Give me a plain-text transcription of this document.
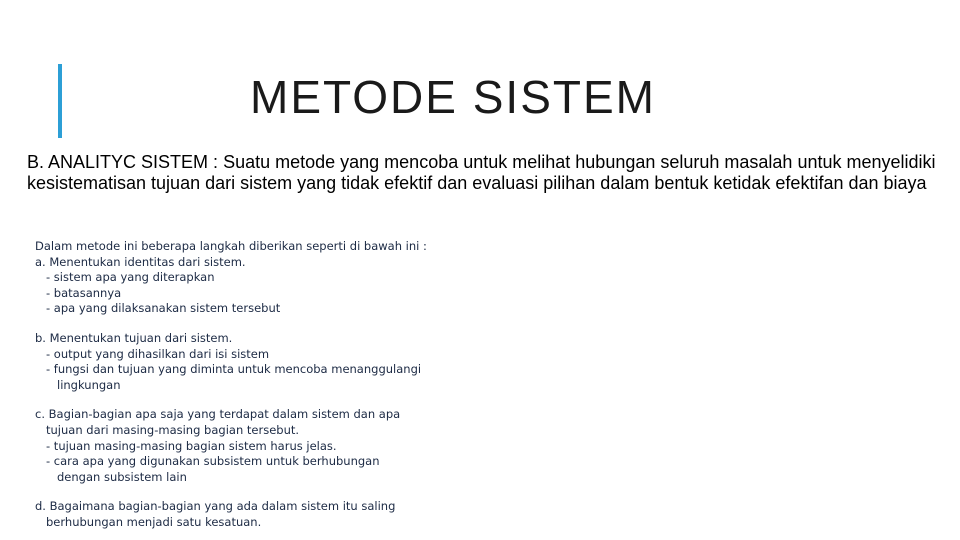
METODE SISTEM
B. ANALITYC SISTEM : Suatu metode yang mencoba untuk melihat hubungan seluruh masalah untuk menyelidiki kesistematisan tujuan dari sistem yang tidak efektif dan evaluasi pilihan dalam bentuk ketidak efektifan dan biaya
Dalam metode ini beberapa langkah diberikan seperti di bawah ini :
a. Menentukan identitas dari sistem.
- sistem apa yang diterapkan
- batasannya
- apa yang dilaksanakan sistem tersebut
b. Menentukan tujuan dari sistem.
- output yang dihasilkan dari isi sistem
- fungsi dan tujuan yang diminta untuk mencoba menanggulangi
lingkungan
c. Bagian-bagian apa saja yang terdapat dalam sistem dan apa
tujuan dari masing-masing bagian tersebut.
- tujuan masing-masing bagian sistem harus jelas.
- cara apa yang digunakan subsistem untuk berhubungan
dengan subsistem lain
d. Bagaimana bagian-bagian yang ada dalam sistem itu saling
berhubungan menjadi satu kesatuan.
